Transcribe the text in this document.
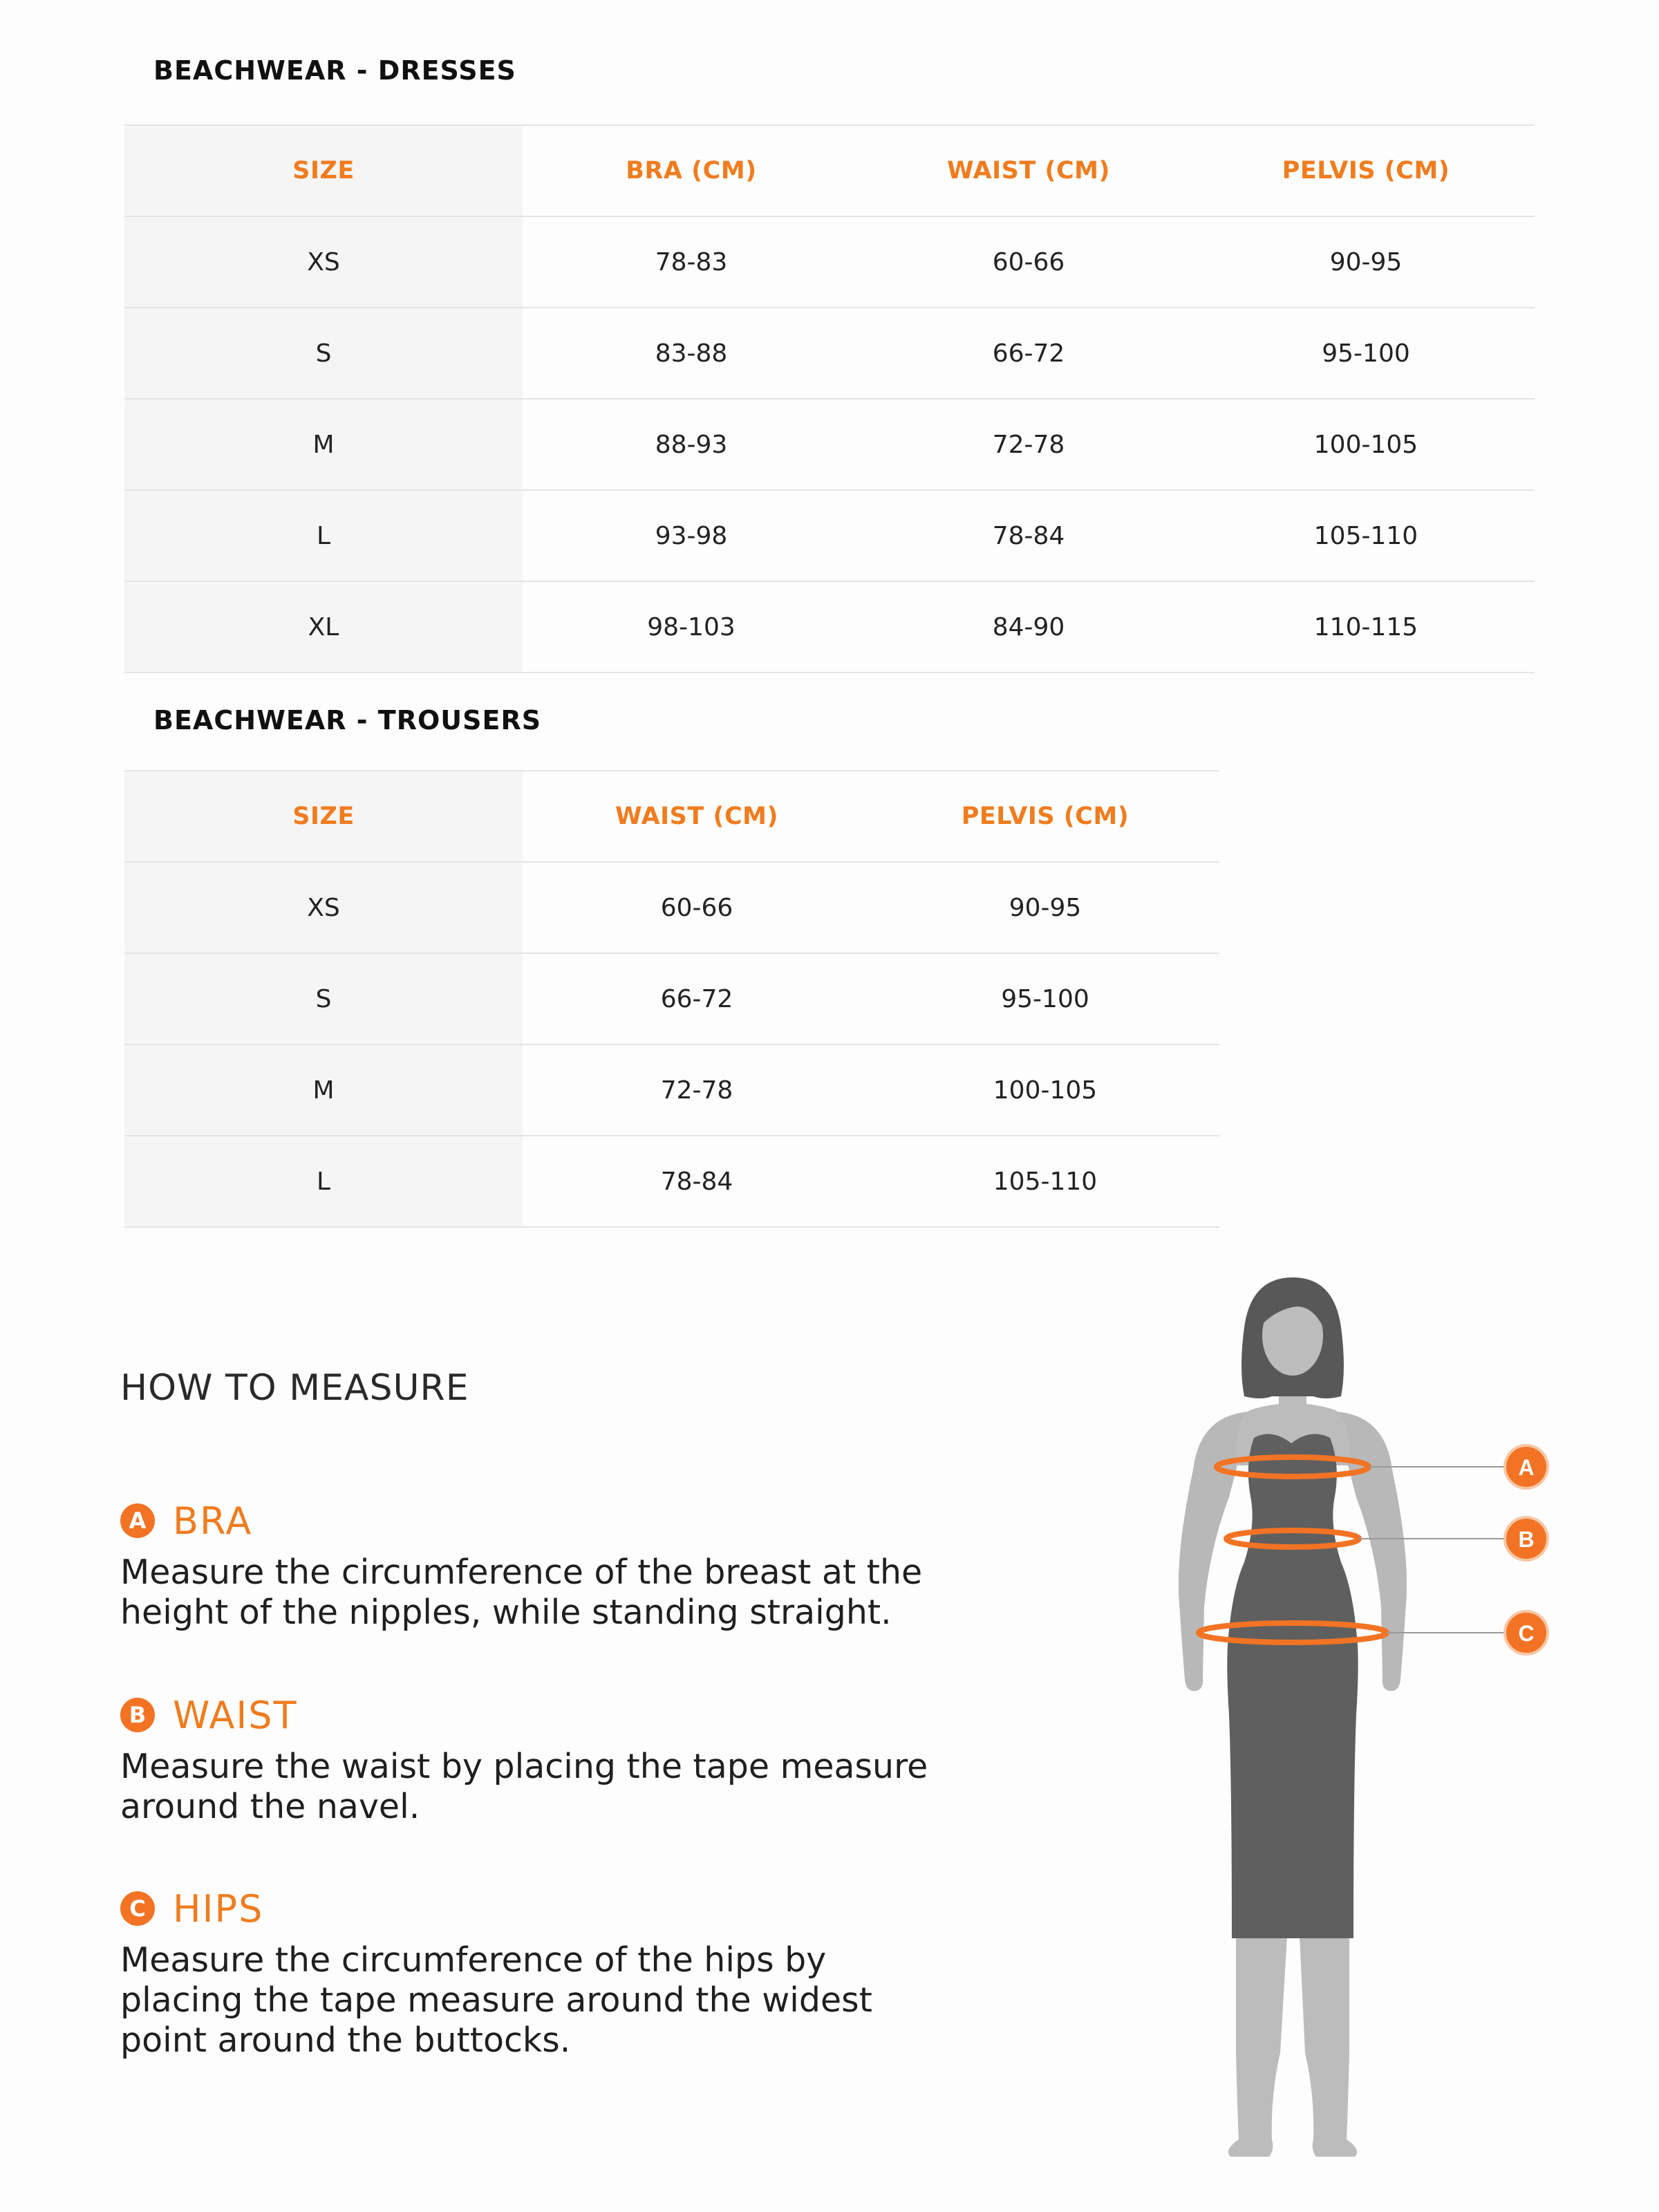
BEACHWEAR - DRESSES
SIZE	BRA (CM)	WAIST (CM)	PELVIS (CM)
XS	78-83	60-66	90-95
S	83-88	66-72	95-100
M	88-93	72-78	100-105
L	93-98	78-84	105-110
XL	98-103	84-90	110-115
BEACHWEAR - TROUSERS
SIZE	WAIST (CM)	PELVIS (CM)
XS	60-66	90-95
S	66-72	95-100
M	72-78	100-105
L	78-84	105-110
HOW TO MEASURE
A BRA
Measure the circumference of the breast at the
height of the nipples, while standing straight.
B WAIST
Measure the waist by placing the tape measure
around the navel.
C HIPS
Measure the circumference of the hips by
placing the tape measure around the widest
point around the buttocks.
A
B
C
